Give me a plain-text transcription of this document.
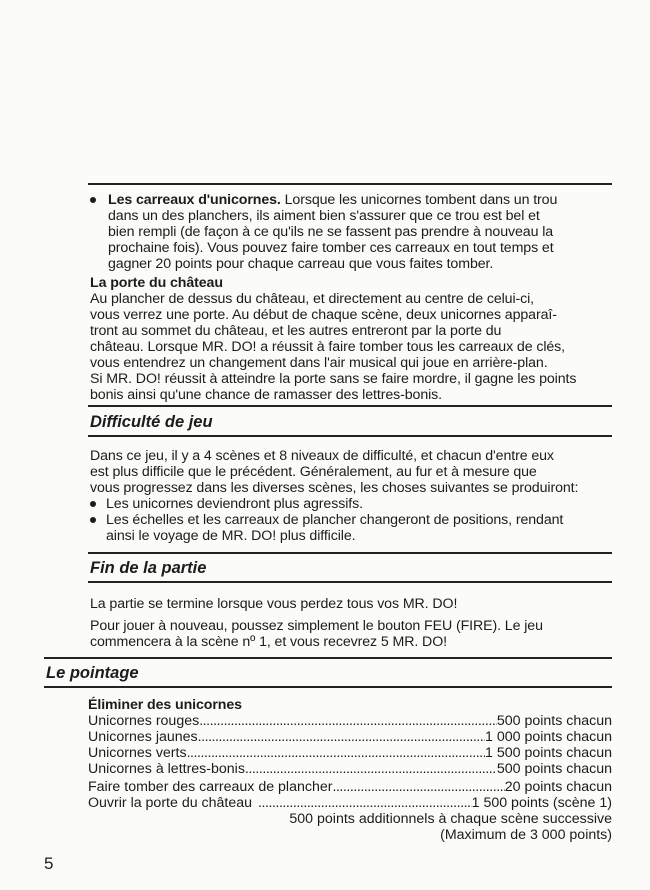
Les carreaux d'unicornes. Lorsque les unicornes tombent dans un trou
dans un des planchers, ils aiment bien s'assurer que ce trou est bel et
bien rempli (de façon à ce qu'ils ne se fassent pas prendre à nouveau la
prochaine fois). Vous pouvez faire tomber ces carreaux en tout temps et
gagner 20 points pour chaque carreau que vous faites tomber.
La porte du château
Au plancher de dessus du château, et directement au centre de celui-ci,
vous verrez une porte. Au début de chaque scène, deux unicornes apparaî-
tront au sommet du château, et les autres entreront par la porte du
château. Lorsque MR. DO! a réussit à faire tomber tous les carreaux de clés,
vous entendrez un changement dans l'air musical qui joue en arrière-plan.
Si MR. DO! réussit à atteindre la porte sans se faire mordre, il gagne les points
bonis ainsi qu'une chance de ramasser des lettres-bonis.
Difficulté de jeu
Dans ce jeu, il y a 4 scènes et 8 niveaux de difficulté, et chacun d'entre eux
est plus difficile que le précédent. Généralement, au fur et à mesure que
vous progressez dans les diverses scènes, les choses suivantes se produiront:
Les unicornes deviendront plus agressifs.
Les échelles et les carreaux de plancher changeront de positions, rendant
ainsi le voyage de MR. DO! plus difficile.
Fin de la partie
La partie se termine lorsque vous perdez tous vos MR. DO!
Pour jouer à nouveau, poussez simplement le bouton FEU (FIRE). Le jeu
commencera à la scène nº 1, et vous recevrez 5 MR. DO!
Le pointage
Éliminer des unicornes
Unicornes rouges . . .	500 points chacun
Unicornes jaunes . . .	1 000 points chacun
Unicornes verts . . .	1 500 points chacun
Unicornes à lettres-bonis . . .	500 points chacun
Faire tomber des carreaux de plancher . . .	20 points chacun
Ouvrir la porte du château . . .	1 500 points (scène 1)
500 points additionnels à chaque scène successive
(Maximum de 3 000 points)
5
